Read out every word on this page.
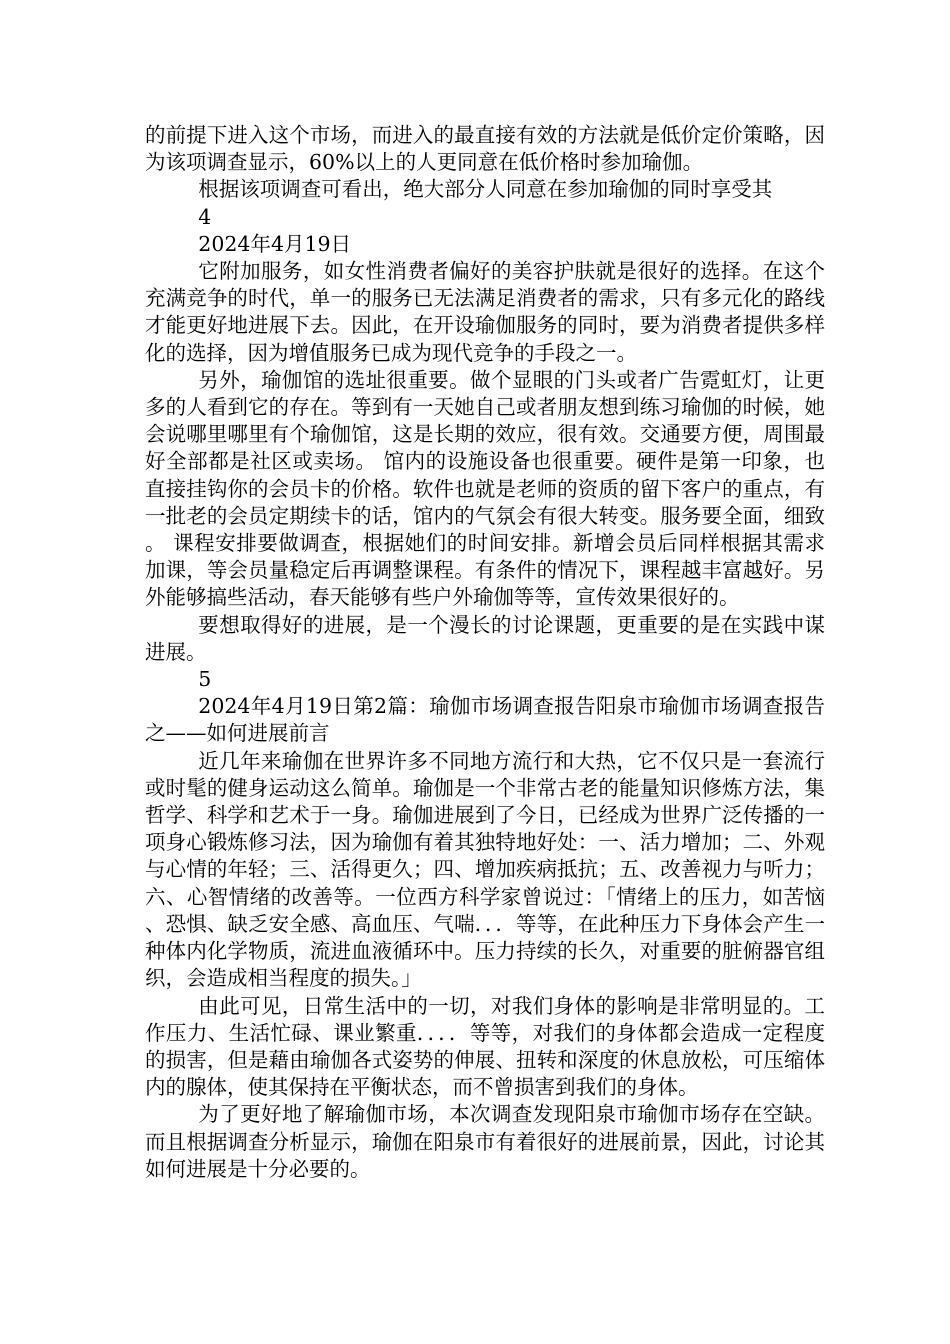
的前提下进入这个市场，而进入的最直接有效的方法就是低价定价策略，因为该项调查显示，60%以上的人更同意在低价格时参加瑜伽。

根据该项调查可看出，绝大部分人同意在参加瑜伽的同时享受其

4

2024年4月19日

它附加服务，如女性消费者偏好的美容护肤就是很好的选择。在这个充满竞争的时代，单一的服务已无法满足消费者的需求，只有多元化的路线才能更好地进展下去。因此，在开设瑜伽服务的同时，要为消费者提供多样化的选择，因为增值服务已成为现代竞争的手段之一。

另外，瑜伽馆的选址很重要。做个显眼的门头或者广告霓虹灯，让更多的人看到它的存在。等到有一天她自己或者朋友想到练习瑜伽的时候，她会说哪里哪里有个瑜伽馆，这是长期的效应，很有效。交通要方便，周围最好全部都是社区或卖场。 馆内的设施设备也很重要。硬件是第一印象，也直接挂钩你的会员卡的价格。软件也就是老师的资质的留下客户的重点，有一批老的会员定期续卡的话，馆内的气氛会有很大转变。服务要全面，细致。 课程安排要做调查，根据她们的时间安排。新增会员后同样根据其需求加课，等会员量稳定后再调整课程。有条件的情况下，课程越丰富越好。另外能够搞些活动，春天能够有些户外瑜伽等等，宣传效果很好的。

要想取得好的进展，是一个漫长的讨论课题，更重要的是在实践中谋进展。

5

2024年4月19日第2篇：瑜伽市场调查报告阳泉市瑜伽市场调查报告之——如何进展前言

近几年来瑜伽在世界许多不同地方流行和大热，它不仅只是一套流行或时髦的健身运动这么简单。瑜伽是一个非常古老的能量知识修炼方法，集哲学、科学和艺术于一身。瑜伽进展到了今日，已经成为世界广泛传播的一项身心锻炼修习法，因为瑜伽有着其独特地好处：一、活力增加；二、外观与心情的年轻；三、活得更久；四、增加疾病抵抗；五、改善视力与听力；六、心智情绪的改善等。一位西方科学家曾说过：「情绪上的压力，如苦恼、恐惧、缺乏安全感、高血压、气喘．．．等等，在此种压力下身体会产生一种体内化学物质，流进血液循环中。压力持续的长久，对重要的脏俯器官组织，会造成相当程度的损失。」

由此可见，日常生活中的一切，对我们身体的影响是非常明显的。工作压力、生活忙碌、课业繁重．．．．等等，对我们的身体都会造成一定程度的损害，但是藉由瑜伽各式姿势的伸展、扭转和深度的休息放松，可压缩体内的腺体，使其保持在平衡状态，而不曾损害到我们的身体。

为了更好地了解瑜伽市场，本次调查发现阳泉市瑜伽市场存在空缺。而且根据调查分析显示，瑜伽在阳泉市有着很好的进展前景，因此，讨论其如何进展是十分必要的。
